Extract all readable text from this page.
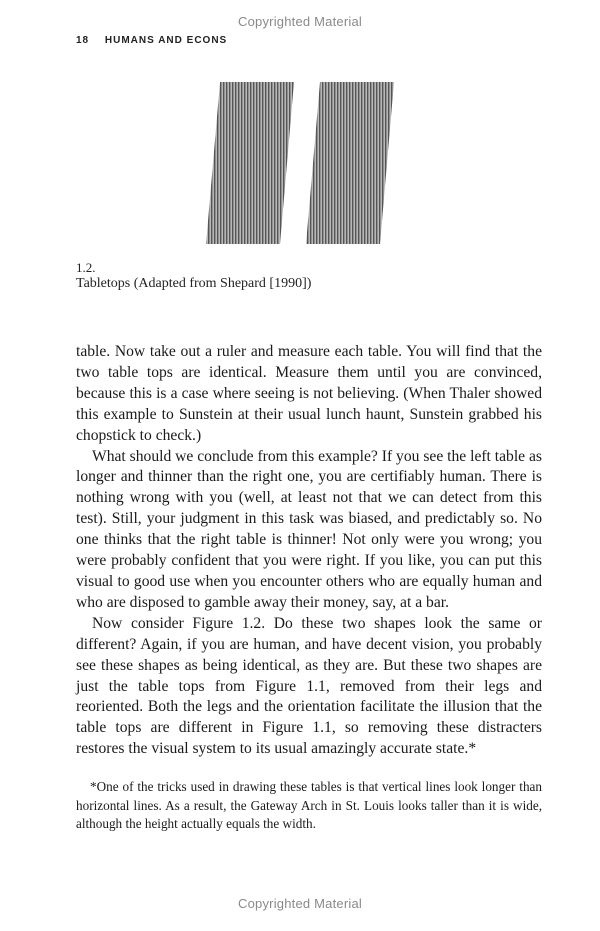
Copyrighted Material
18 HUMANS AND ECONS
1.2.
Tabletops (Adapted from Shepard [1990])

table. Now take out a ruler and measure each table. You will find that the two table tops are identical. Measure them until you are convinced, because this is a case where seeing is not believing. (When Thaler showed this example to Sunstein at their usual lunch haunt, Sunstein grabbed his chopstick to check.)

What should we conclude from this example? If you see the left table as longer and thinner than the right one, you are certifiably human. There is nothing wrong with you (well, at least not that we can detect from this test). Still, your judgment in this task was biased, and predictably so. No one thinks that the right table is thinner! Not only were you wrong; you were probably confident that you were right. If you like, you can put this visual to good use when you encounter others who are equally human and who are disposed to gamble away their money, say, at a bar.

Now consider Figure 1.2. Do these two shapes look the same or different? Again, if you are human, and have decent vision, you probably see these shapes as being identical, as they are. But these two shapes are just the table tops from Figure 1.1, removed from their legs and reoriented. Both the legs and the orientation facilitate the illusion that the table tops are different in Figure 1.1, so removing these distracters restores the visual system to its usual amazingly accurate state.*

*One of the tricks used in drawing these tables is that vertical lines look longer than horizontal lines. As a result, the Gateway Arch in St. Louis looks taller than it is wide, although the height actually equals the width.

Copyrighted Material
